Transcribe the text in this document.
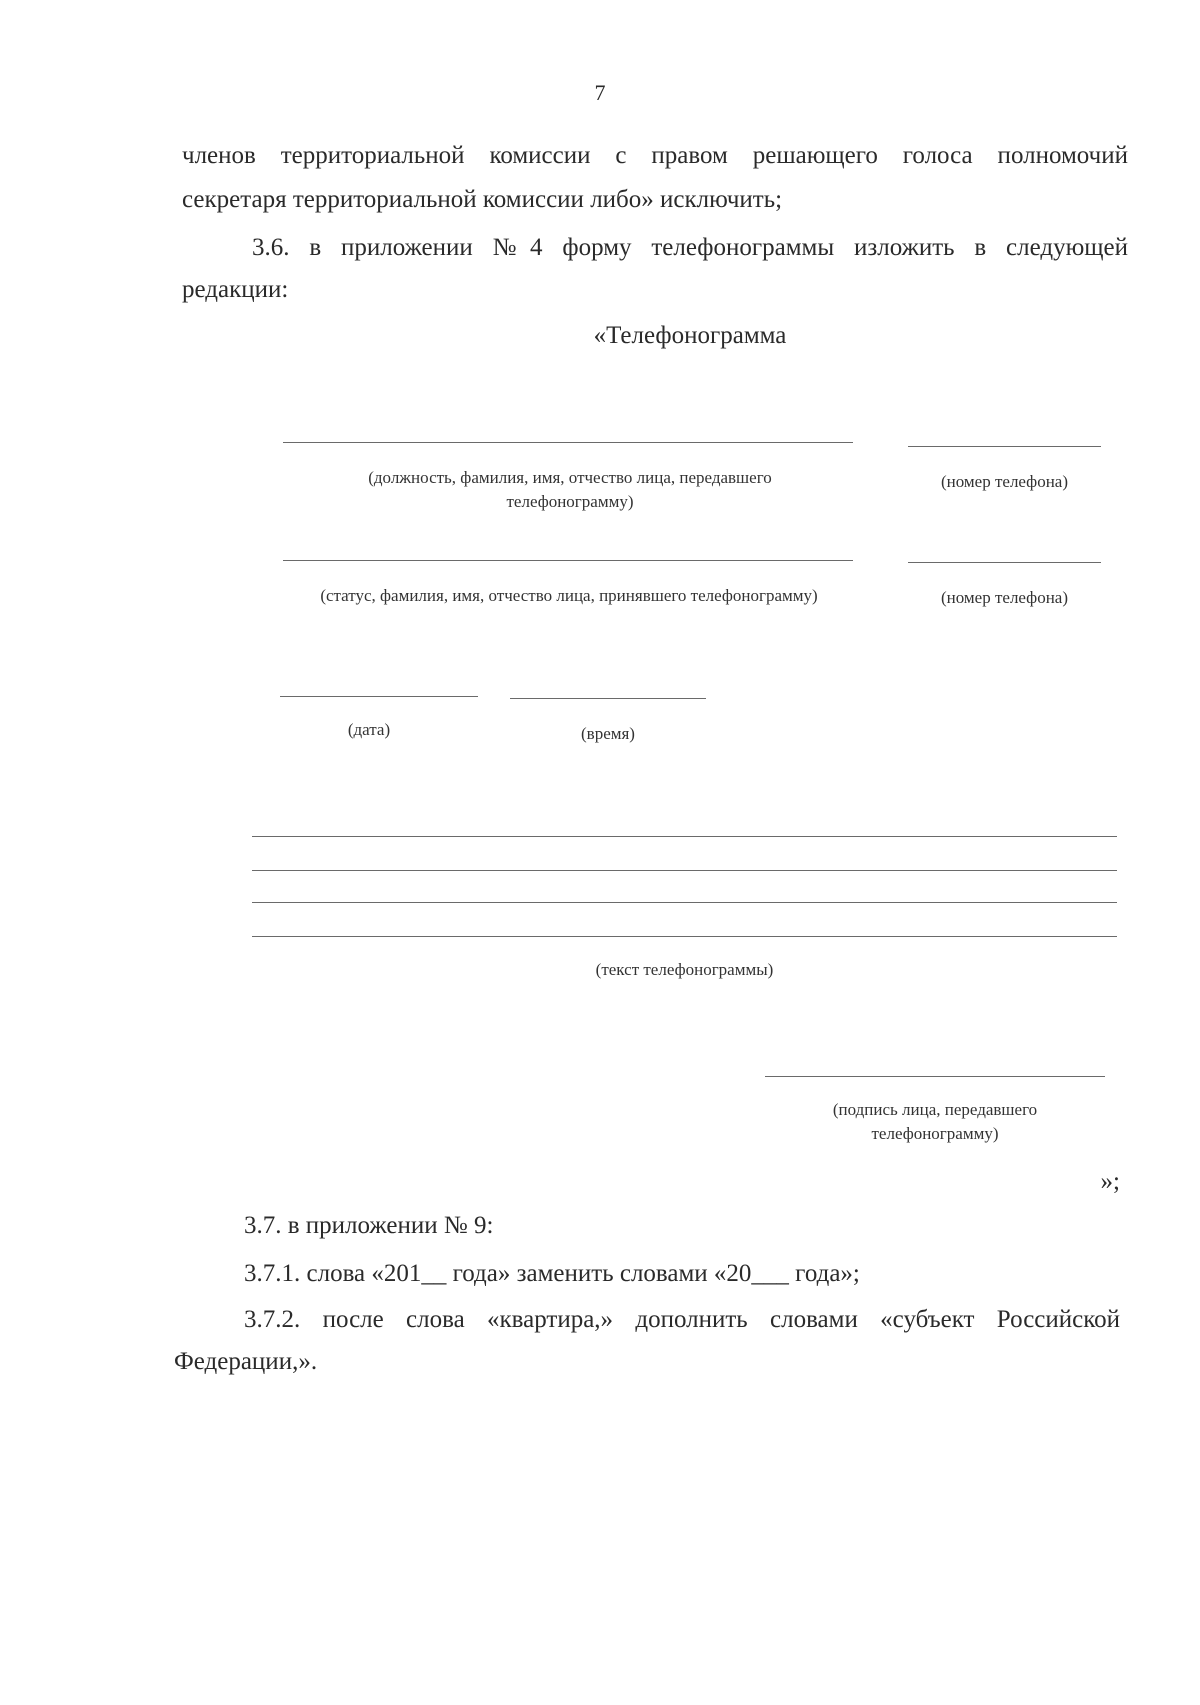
7
членов территориальной комиссии с правом решающего голоса полномочий
секретаря территориальной комиссии либо» исключить;
3.6. в приложении №4 форму телефонограммы изложить в следующей
редакции:
«Телефонограмма
(должность, фамилия, имя, отчество лица, передавшего телефонограмму)
(номер телефона)
(статус, фамилия, имя, отчество лица, принявшего телефонограмму)	(номер телефона)
(дата)	(время)
(текст телефонограммы)
(подпись лица, передавшего телефонограмму)
»;
3.7. в приложении № 9:
3.7.1. слова «201__ года» заменить словами «20___ года»;
3.7.2. после слова «квартира,» дополнить словами «субъект Российской
Федерации,».
